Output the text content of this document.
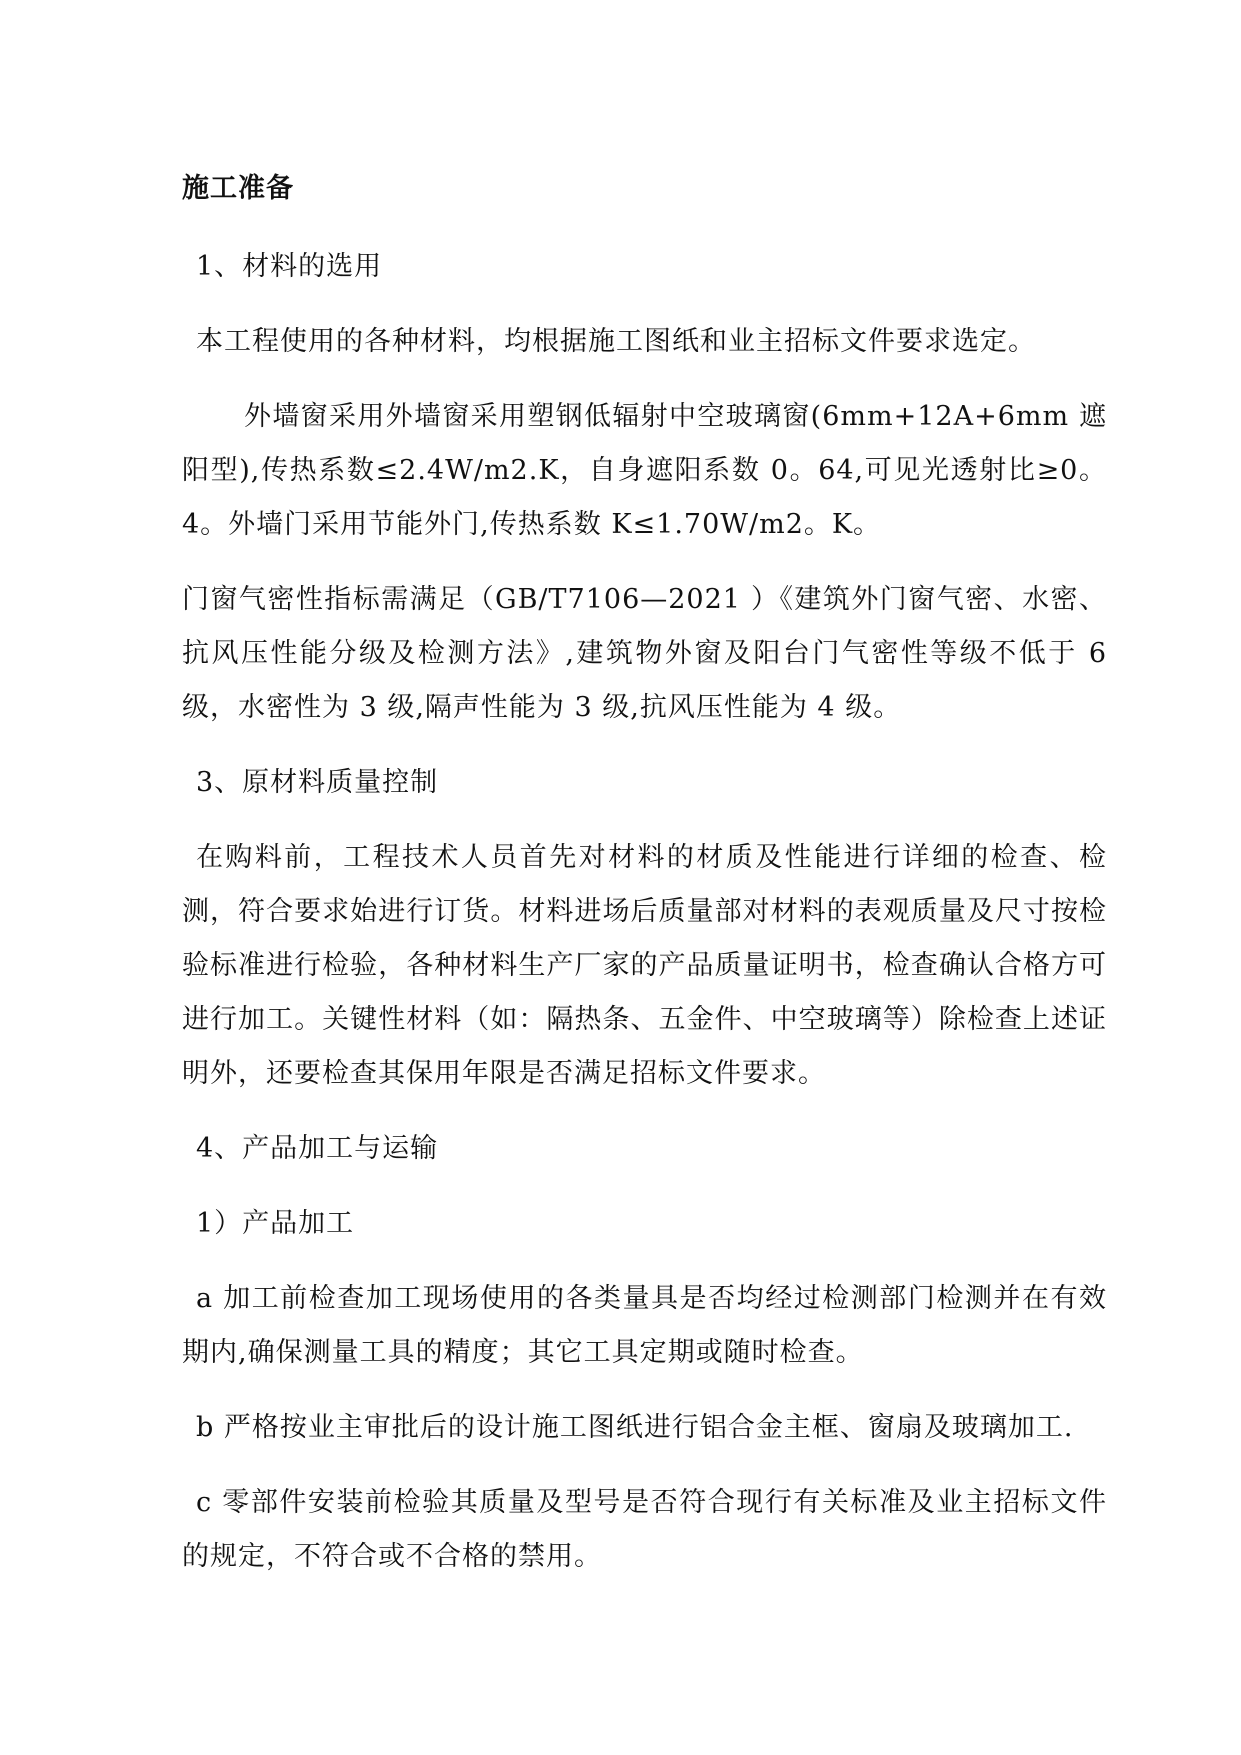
施工准备

1、材料的选用

本工程使用的各种材料，均根据施工图纸和业主招标文件要求选定。

外墙窗采用外墙窗采用塑钢低辐射中空玻璃窗(6mm+12A+6mm 遮阳型),传热系数≤2.4W/m2.K，自身遮阳系数 0。64,可见光透射比≥0。4。外墙门采用节能外门,传热系数 K≤1.70W/m2。K。

门窗气密性指标需满足（GB/T7106—2021 ）《建筑外门窗气密、水密、抗风压性能分级及检测方法》,建筑物外窗及阳台门气密性等级不低于 6 级，水密性为 3 级,隔声性能为 3 级,抗风压性能为 4 级。

3、原材料质量控制

在购料前，工程技术人员首先对材料的材质及性能进行详细的检查、检测，符合要求始进行订货。材料进场后质量部对材料的表观质量及尺寸按检验标准进行检验，各种材料生产厂家的产品质量证明书，检查确认合格方可进行加工。关键性材料（如：隔热条、五金件、中空玻璃等）除检查上述证明外，还要检查其保用年限是否满足招标文件要求。

4、产品加工与运输

1）产品加工

a 加工前检查加工现场使用的各类量具是否均经过检测部门检测并在有效期内,确保测量工具的精度；其它工具定期或随时检查。

b 严格按业主审批后的设计施工图纸进行铝合金主框、窗扇及玻璃加工.

c 零部件安装前检验其质量及型号是否符合现行有关标准及业主招标文件的规定，不符合或不合格的禁用。
